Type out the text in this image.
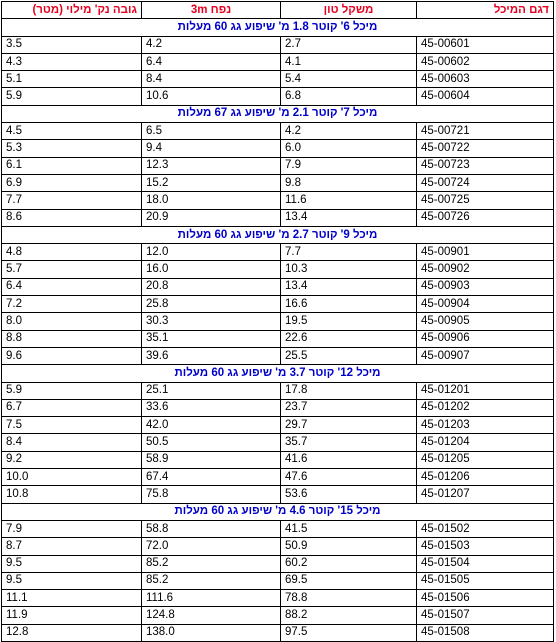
גובה נק' מילוי (מטר)	נפח 3m	משקל טון	דגם המיכל
מיכל 6' קוטר 1.8 מ' שיפוע גג 60 מעלות			
3.5	4.2	2.7	45-00601
4.3	6.4	4.1	45-00602
5.1	8.4	5.4	45-00603
5.9	10.6	6.8	45-00604
מיכל 7' קוטר 2.1 מ' שיפוע גג 67 מעלות			
4.5	6.5	4.2	45-00721
5.3	9.4	6.0	45-00722
6.1	12.3	7.9	45-00723
6.9	15.2	9.8	45-00724
7.7	18.0	11.6	45-00725
8.6	20.9	13.4	45-00726
מיכל 9' קוטר 2.7 מ' שיפוע גג 60 מעלות			
4.8	12.0	7.7	45-00901
5.7	16.0	10.3	45-00902
6.4	20.8	13.4	45-00903
7.2	25.8	16.6	45-00904
8.0	30.3	19.5	45-00905
8.8	35.1	22.6	45-00906
9.6	39.6	25.5	45-00907
מיכל 12' קוטר 3.7 מ' שיפוע גג 60 מעלות			
5.9	25.1	17.8	45-01201
6.7	33.6	23.7	45-01202
7.5	42.0	29.7	45-01203
8.4	50.5	35.7	45-01204
9.2	58.9	41.6	45-01205
10.0	67.4	47.6	45-01206
10.8	75.8	53.6	45-01207
מיכל 15' קוטר 4.6 מ' שיפוע גג 60 מעלות			
7.9	58.8	41.5	45-01502
8.7	72.0	50.9	45-01503
9.5	85.2	60.2	45-01504
9.5	85.2	69.5	45-01505
11.1	111.6	78.8	45-01506
11.9	124.8	88.2	45-01507
12.8	138.0	97.5	45-01508
